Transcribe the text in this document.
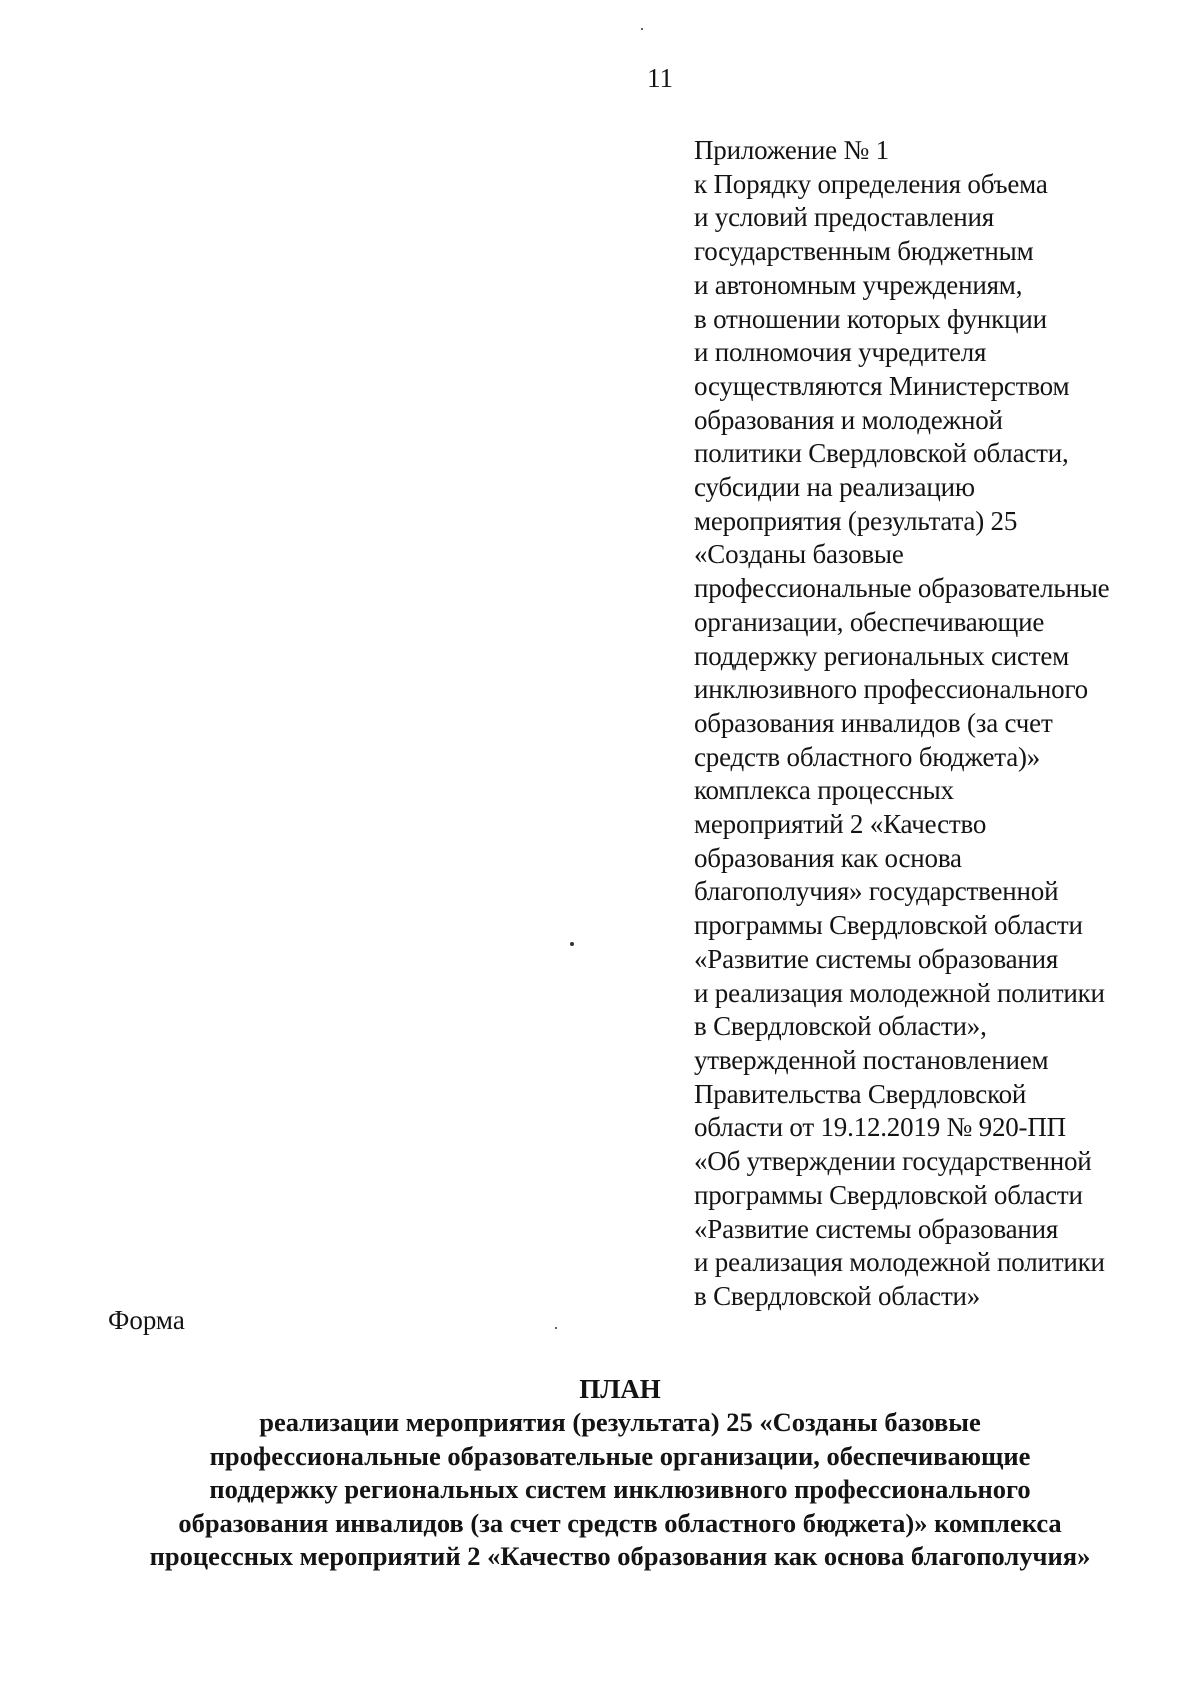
11
Приложение № 1
к Порядку определения объема
и условий предоставления
государственным бюджетным
и автономным учреждениям,
в отношении которых функции
и полномочия учредителя
осуществляются Министерством
образования и молодежной
политики Свердловской области,
субсидии на реализацию
мероприятия (результата) 25
«Созданы базовые
профессиональные образовательные
организации, обеспечивающие
поддержку региональных систем
инклюзивного профессионального
образования инвалидов (за счет
средств областного бюджета)»
комплекса процессных
мероприятий 2 «Качество
образования как основа
благополучия» государственной
программы Свердловской области
«Развитие системы образования
и реализация молодежной политики
в Свердловской области»,
утвержденной постановлением
Правительства Свердловской
области от 19.12.2019 № 920-ПП
«Об утверждении государственной
программы Свердловской области
«Развитие системы образования
и реализация молодежной политики
в Свердловской области»
Форма
ПЛАН
реализации мероприятия (результата) 25 «Созданы базовые
профессиональные образовательные организации, обеспечивающие
поддержку региональных систем инклюзивного профессионального
образования инвалидов (за счет средств областного бюджета)» комплекса
процессных мероприятий 2 «Качество образования как основа благополучия»
